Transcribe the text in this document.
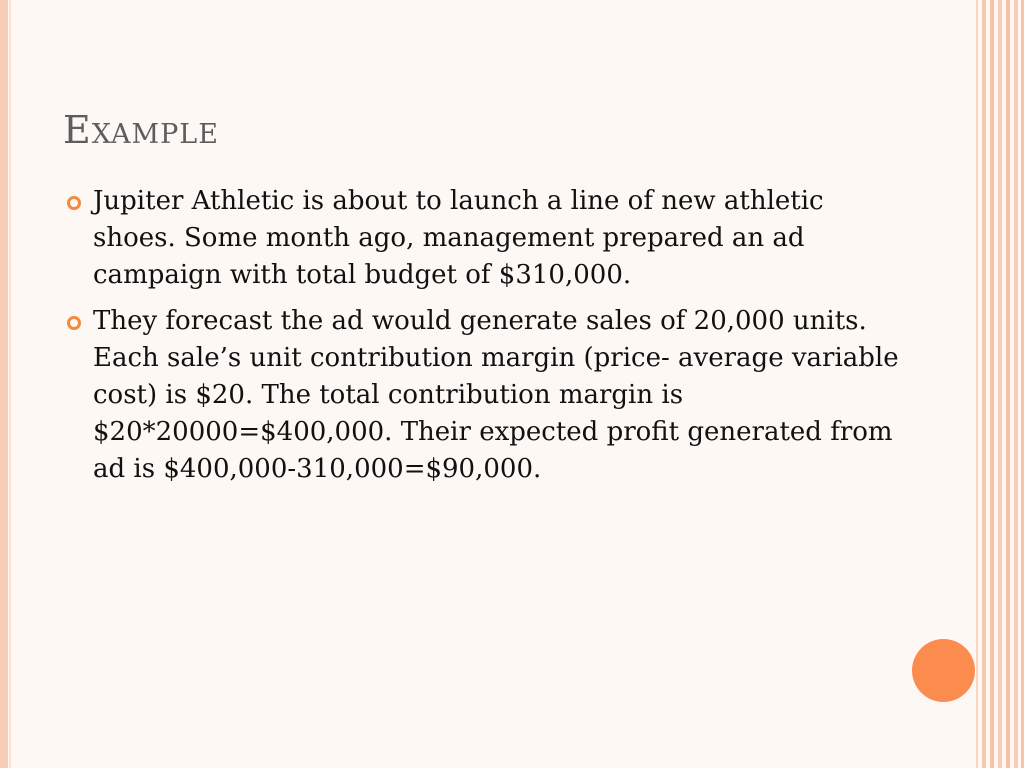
Example
Jupiter Athletic is about to launch a line of new athletic shoes. Some month ago, management prepared an ad campaign with total budget of $310,000.
They forecast the ad would generate sales of 20,000 units. Each sale’s unit contribution margin (price- average variable cost) is $20. The total contribution margin is $20*20000=$400,000. Their expected profit generated from ad is $400,000-310,000=$90,000.
